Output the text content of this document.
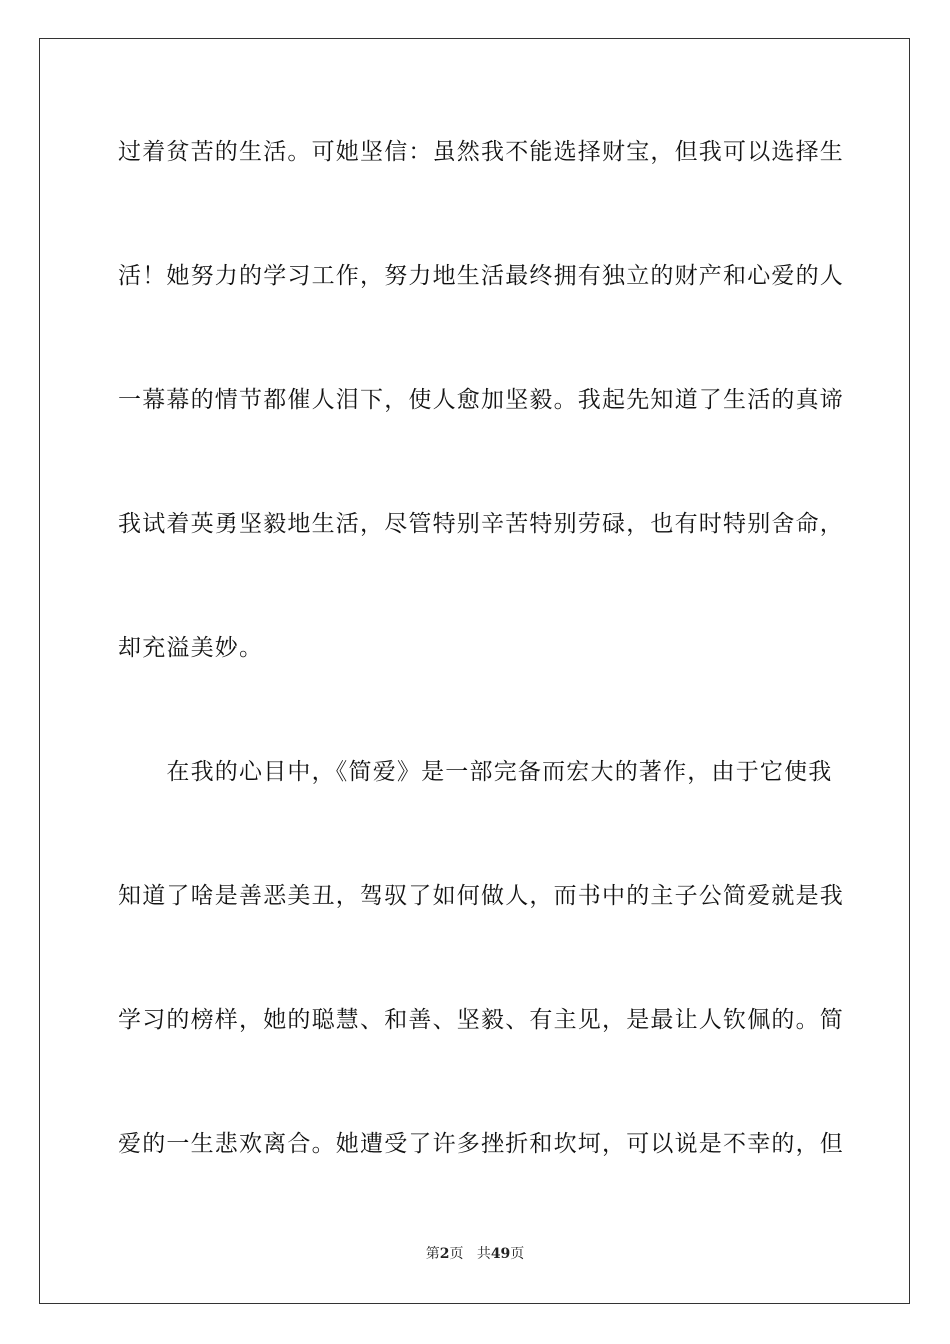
过着贫苦的生活。可她坚信：虽然我不能选择财宝，但我可以选择生
活！她努力的学习工作，努力地生活最终拥有独立的财产和心爱的人
一幕幕的情节都催人泪下，使人愈加坚毅。我起先知道了生活的真谛
我试着英勇坚毅地生活，尽管特别辛苦特别劳碌，也有时特别舍命，
却充溢美妙。
　　在我的心目中，《简爱》是一部完备而宏大的著作，由于它使我
知道了啥是善恶美丑，驾驭了如何做人，而书中的主子公简爱就是我
学习的榜样，她的聪慧、和善、坚毅、有主见，是最让人钦佩的。简
爱的一生悲欢离合。她遭受了许多挫折和坎坷，可以说是不幸的，但
第2页 共49页
